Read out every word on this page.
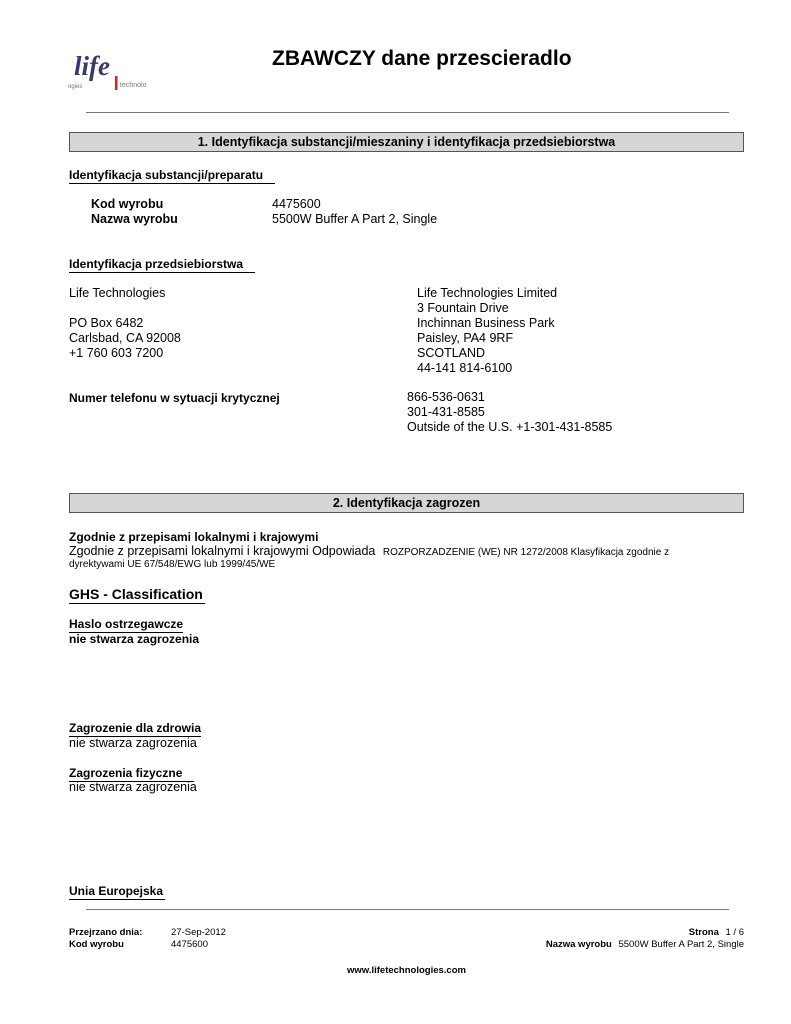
life
ogies	technolo
ZBAWCZY dane przescieradlo
1. Identyfikacja substancji/mieszaniny i identyfikacja przedsiebiorstwa
Identyfikacja substancji/preparatu
Kod wyrobu	4475600
Nazwa wyrobu	5500W Buffer A Part 2, Single
Identyfikacja przedsiebiorstwa
Life Technologies
PO Box 6482
Carlsbad, CA 92008
+1 760 603 7200
Life Technologies Limited
3 Fountain Drive
Inchinnan Business Park
Paisley, PA4 9RF
SCOTLAND
44-141 814-6100
Numer telefonu w sytuacji krytycznej	866-536-0631
301-431-8585
Outside of the U.S. +1-301-431-8585
2. Identyfikacja zagrozen
Zgodnie z przepisami lokalnymi i krajowymi
Zgodnie z przepisami lokalnymi i krajowymi Odpowiada ROZPORZADZENIE (WE) NR 1272/2008 Klasyfikacja zgodnie z
dyrektywami UE 67/548/EWG lub 1999/45/WE
GHS - Classification
Haslo ostrzegawcze
nie stwarza zagrozenia
Zagrozenie dla zdrowia
nie stwarza zagrozenia
Zagrozenia fizyczne
nie stwarza zagrozenia
Unia Europejska
Przejrzano dnia:	27-Sep-2012
Kod wyrobu	4475600
Strona 1 / 6
Nazwa wyrobu 5500W Buffer A Part 2, Single
www.lifetechnologies.com
